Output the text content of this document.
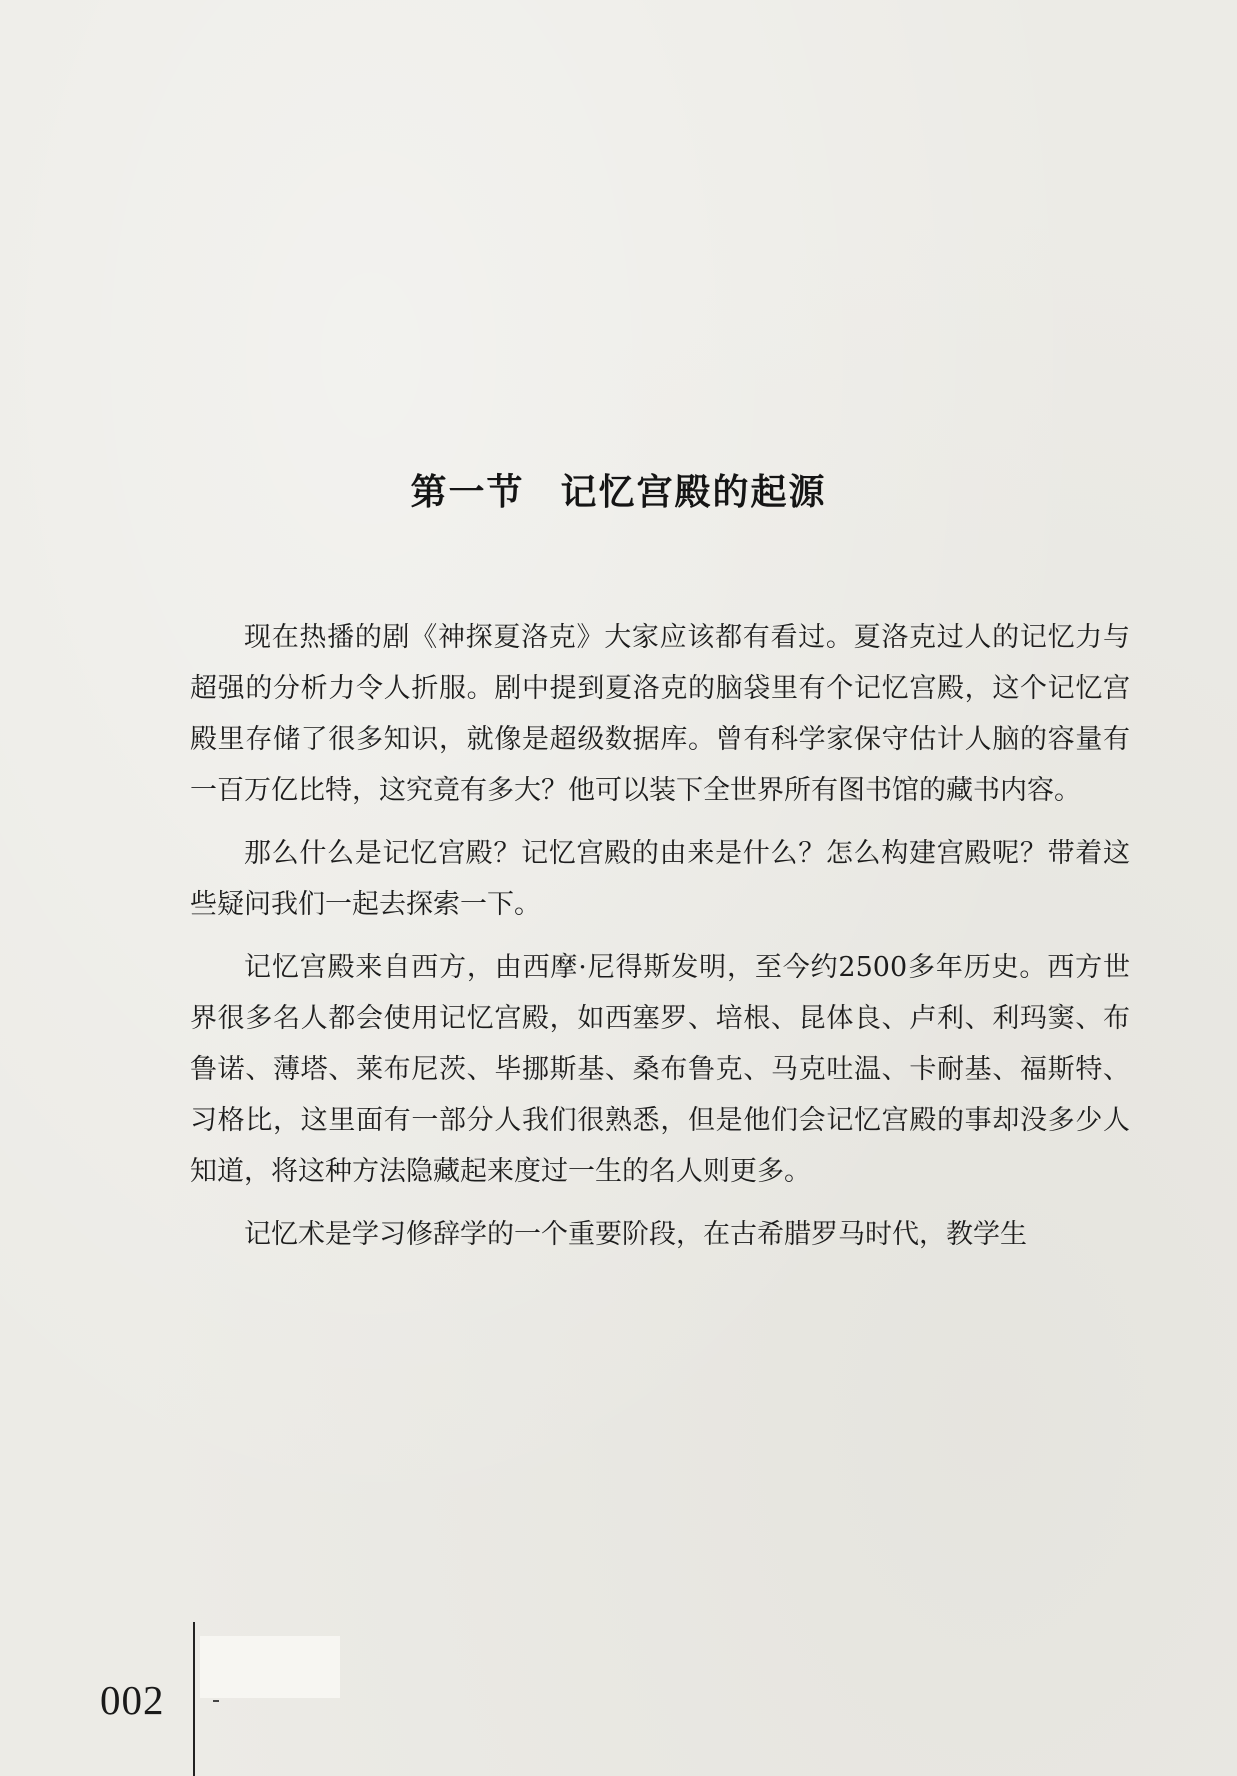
第一节 记忆宫殿的起源

现在热播的剧《神探夏洛克》大家应该都有看过。夏洛克过人的记忆力与超强的分析力令人折服。剧中提到夏洛克的脑袋里有个记忆宫殿，这个记忆宫殿里存储了很多知识，就像是超级数据库。曾有科学家保守估计人脑的容量有一百万亿比特，这究竟有多大？他可以装下全世界所有图书馆的藏书内容。

那么什么是记忆宫殿？记忆宫殿的由来是什么？怎么构建宫殿呢？带着这些疑问我们一起去探索一下。

记忆宫殿来自西方，由西摩·尼得斯发明，至今约2500多年历史。西方世界很多名人都会使用记忆宫殿，如西塞罗、培根、昆体良、卢利、利玛窦、布鲁诺、薄塔、莱布尼茨、毕挪斯基、桑布鲁克、马克吐温、卡耐基、福斯特、习格比，这里面有一部分人我们很熟悉，但是他们会记忆宫殿的事却没多少人知道，将这种方法隐藏起来度过一生的名人则更多。

记忆术是学习修辞学的一个重要阶段，在古希腊罗马时代，教学生

002
